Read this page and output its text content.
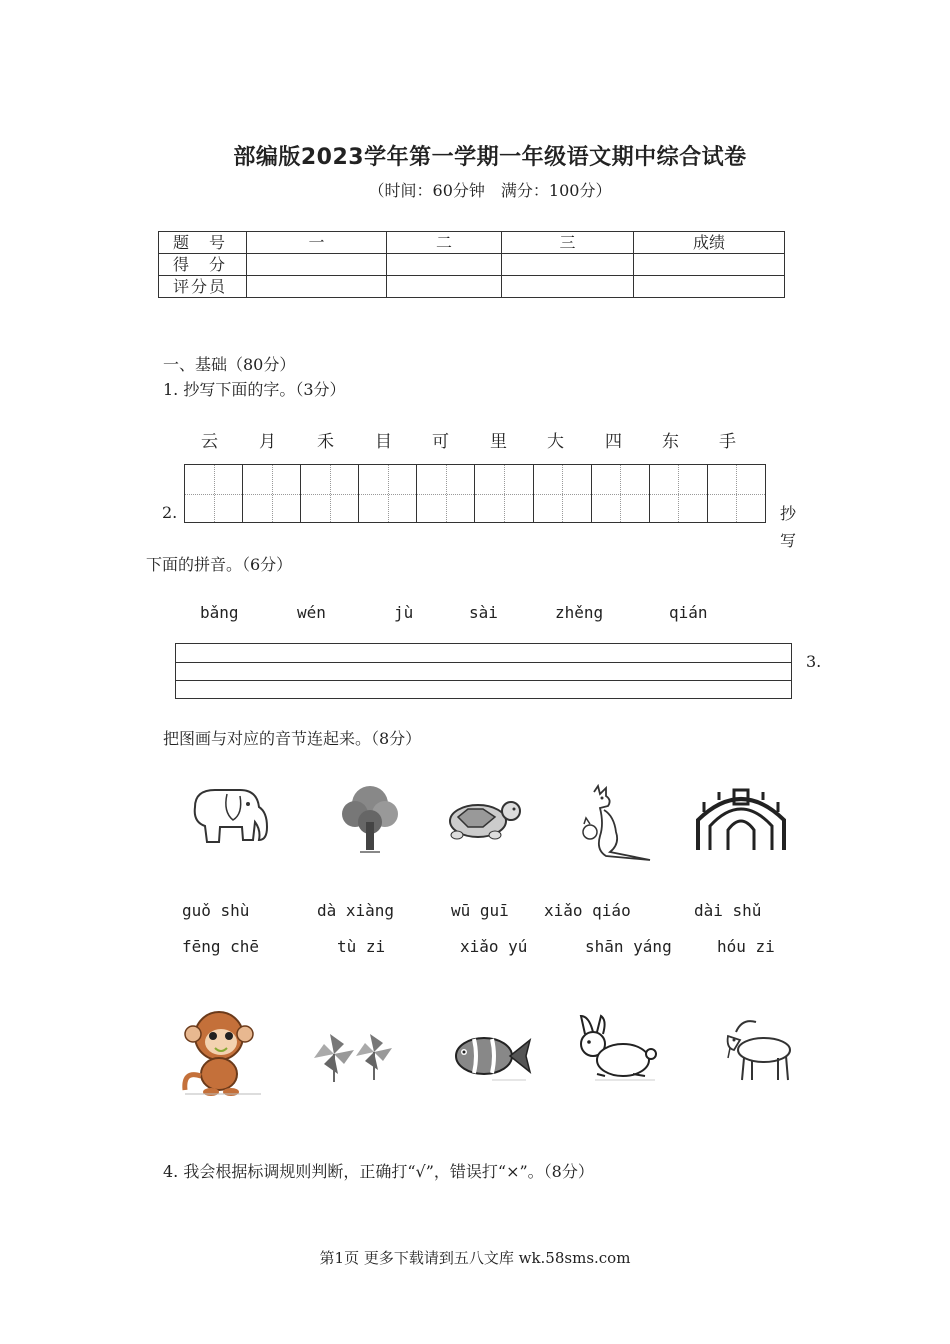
部编版2023学年第一学期一年级语文期中综合试卷
（时间：60分钟　满分：100分）
题　号	一	二	三	成绩
得　分				
评分员				
一、基础（80分）
1. 抄写下面的字。（3分）
云 月 禾 目 可 里 大 四 东 手
2.	抄
写
下面的拼音。（6分）
bǎng	wén	jù	sài	zhěng	qián
3.
把图画与对应的音节连起来。（8分）
guǒ shù	dà xiàng	wū guī xiǎo qiáo	dài shǔ
fēng chē	tù zi	xiǎo yú	shān yáng	hóu zi
4. 我会根据标调规则判断，正确打“√”，错误打“×”。（8分）
第1页 更多下载请到五八文库 wk.58sms.com
